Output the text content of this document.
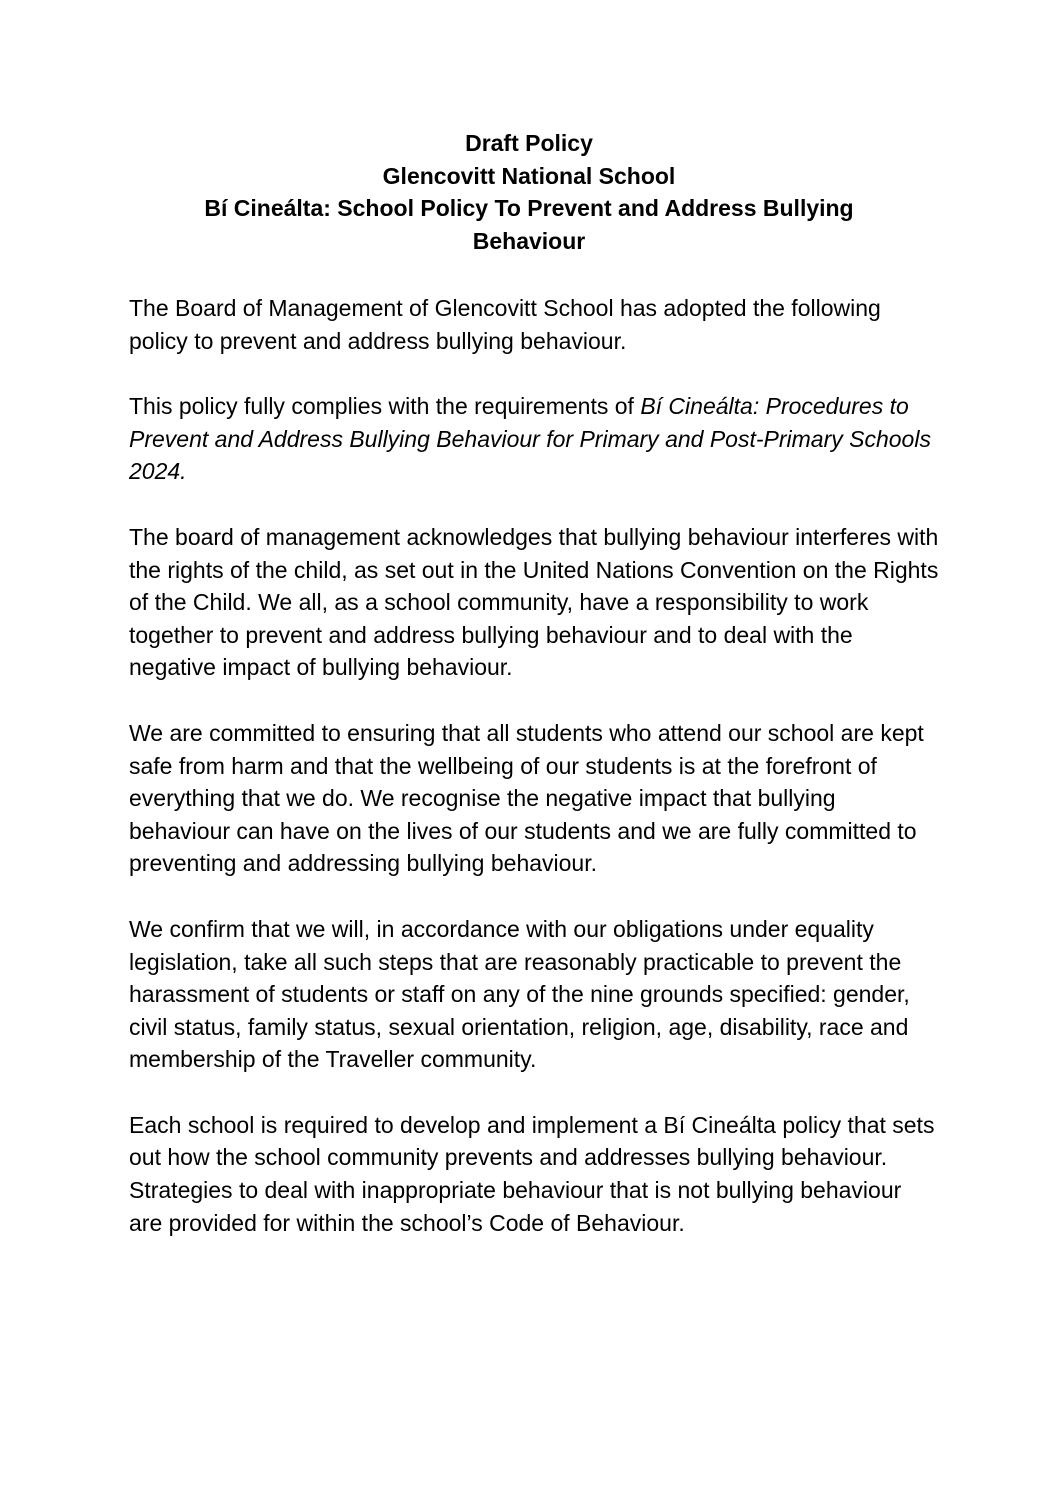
Draft Policy
Glencovitt National School
Bí Cineálta: School Policy To Prevent and Address Bullying
Behaviour

The Board of Management of Glencovitt School has adopted the following policy to prevent and address bullying behaviour.

This policy fully complies with the requirements of Bí Cineálta: Procedures to Prevent and Address Bullying Behaviour for Primary and Post-Primary Schools 2024.

The board of management acknowledges that bullying behaviour interferes with the rights of the child, as set out in the United Nations Convention on the Rights of the Child. We all, as a school community, have a responsibility to work together to prevent and address bullying behaviour and to deal with the negative impact of bullying behaviour.

We are committed to ensuring that all students who attend our school are kept safe from harm and that the wellbeing of our students is at the forefront of everything that we do. We recognise the negative impact that bullying behaviour can have on the lives of our students and we are fully committed to preventing and addressing bullying behaviour.

We confirm that we will, in accordance with our obligations under equality legislation, take all such steps that are reasonably practicable to prevent the harassment of students or staff on any of the nine grounds specified: gender, civil status, family status, sexual orientation, religion, age, disability, race and membership of the Traveller community.

Each school is required to develop and implement a Bí Cineálta policy that sets out how the school community prevents and addresses bullying behaviour. Strategies to deal with inappropriate behaviour that is not bullying behaviour are provided for within the school’s Code of Behaviour.
